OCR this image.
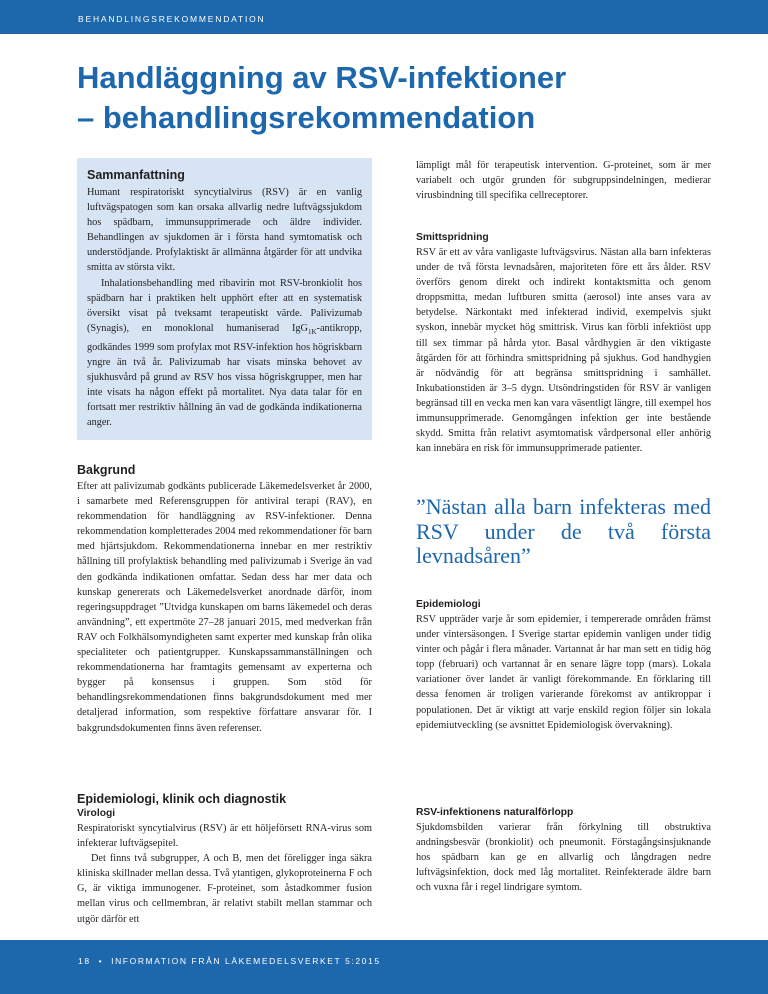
BEHANDLINGSREKOMMENDATION
Handläggning av RSV-infektioner
– behandlingsrekommendation
Sammanfattning

Humant respiratoriskt syncytialvirus (RSV) är en vanlig luftvägspatogen som kan orsaka allvarlig nedre luftvägssjukdom hos spädbarn, immunsupprimerade och äldre individer. Behandlingen av sjukdomen är i första hand symtomatisk och understödjande. Profylaktiskt är allmänna åtgärder för att undvika smitta av största vikt.

Inhalationsbehandling med ribavirin mot RSV-bronkiolit hos spädbarn har i praktiken helt upphört efter att en systematisk översikt visat på tveksamt terapeutiskt värde. Palivizumab (Synagis), en monoklonal humaniserad IgG$_{1K}$-antikropp, godkändes 1999 som profylax mot RSV-infektion hos högriskbarn yngre än två år. Palivizumab har visats minska behovet av sjukhusvård på grund av RSV hos vissa högriskgrupper, men har inte visats ha någon effekt på mortalitet. Nya data talar för en fortsatt mer restriktiv hållning än vad de godkända indikationerna anger.

Bakgrund

Efter att palivizumab godkänts publicerade Läkemedelsverket år 2000, i samarbete med Referensgruppen för antiviral terapi (RAV), en rekommendation för handläggning av RSV-infektioner. Denna rekommendation kompletterades 2004 med rekommendationer för barn med hjärtsjukdom. Rekommendationerna innebar en mer restriktiv hållning till profylaktisk behandling med palivizumab i Sverige än vad den godkända indikationen omfattar. Sedan dess har mer data och kunskap genererats och Läkemedelsverket anordnade därför, inom regeringsuppdraget ”Utvidga kunskapen om barns läkemedel och deras användning”, ett expertmöte 27–28 januari 2015, med medverkan från RAV och Folkhälsomyndigheten samt experter med kunskap från olika specialiteter och patientgrupper. Kunskapssammanställningen och rekommendationerna har framtagits gemensamt av experterna och bygger på konsensus i gruppen. Som stöd för behandlingsrekommendationen finns bakgrundsdokument med mer detaljerad information, som respektive författare ansvarar för. I bakgrundsdokumenten finns även referenser.

Epidemiologi, klinik och diagnostik
Virologi

Respiratoriskt syncytialvirus (RSV) är ett höljeförsett RNA-virus som infekterar luftvägsepitel.

Det finns två subgrupper, A och B, men det föreligger inga säkra kliniska skillnader mellan dessa. Två ytantigen, glykoproteinerna F och G, är viktiga immunogener. F-proteinet, som åstadkommer fusion mellan virus och cellmembran, är relativt stabilt mellan stammar och utgör därför ett

lämpligt mål för terapeutisk intervention. G-proteinet, som är mer variabelt och utgör grunden för subgruppsindelningen, medierar virusbindning till specifika cellreceptorer.

Smittspridning

RSV är ett av våra vanligaste luftvägsvirus. Nästan alla barn infekteras under de två första levnadsåren, majoriteten före ett års ålder. RSV överförs genom direkt och indirekt kontaktsmitta och genom droppsmitta, medan luftburen smitta (aerosol) inte anses vara av betydelse. Närkontakt med infekterad individ, exempelvis sjukt syskon, innebär mycket hög smittrisk. Virus kan förbli infektiöst upp till sex timmar på hårda ytor. Basal vårdhygien är den viktigaste åtgärden för att förhindra smittspridning på sjukhus. God handhygien är nödvändig för att begränsa smittspridning i samhället. Inkubationstiden är 3–5 dygn. Utsöndringstiden för RSV är vanligen begränsad till en vecka men kan vara väsentligt längre, till exempel hos immunsupprimerade. Genomgången infektion ger inte bestående skydd. Smitta från relativt asymtomatisk vårdpersonal eller anhörig kan innebära en risk för immunsupprimerade patienter.

”Nästan alla barn infekteras med RSV under de två första levnadsåren”

Epidemiologi

RSV uppträder varje år som epidemier, i tempererade områden främst under vintersäsongen. I Sverige startar epidemin vanligen under tidig vinter och pågår i flera månader. Vartannat år har man sett en tidig hög topp (februari) och vartannat år en senare lägre topp (mars). Lokala variationer över landet är vanligt förekommande. En förklaring till dessa fenomen är troligen varierande förekomst av antikroppar i populationen. Det är viktigt att varje enskild region följer sin lokala epidemiutveckling (se avsnittet Epidemiologisk övervakning).

RSV-infektionens naturalförlopp

Sjukdomsbilden varierar från förkylning till obstruktiva andningsbesvär (bronkiolit) och pneumonit. Förstagångsinsjuknande hos spädbarn kan ge en allvarlig och långdragen nedre luftvägsinfektion, dock med låg mortalitet. Reinfekterade äldre barn och vuxna får i regel lindrigare symtom.

18 • INFORMATION FRÅN LÄKEMEDELSVERKET 5:2015
